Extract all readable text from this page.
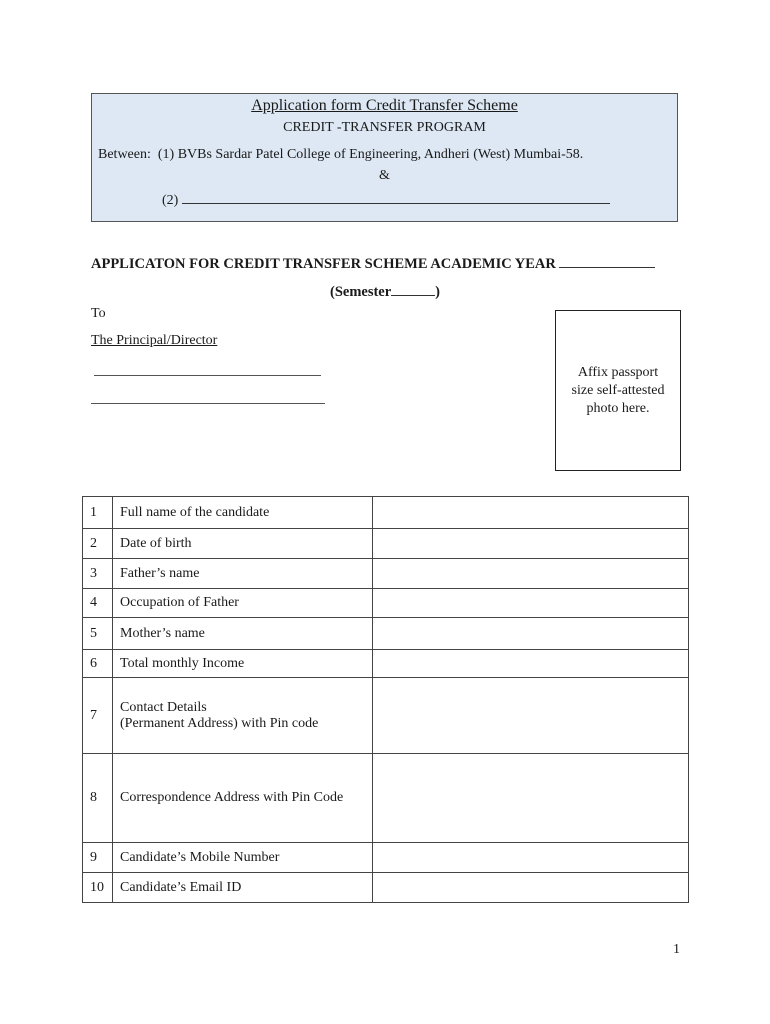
Application form Credit Transfer Scheme
CREDIT -TRANSFER PROGRAM
Between: (1) BVBs Sardar Patel College of Engineering, Andheri (West) Mumbai-58.
&
(2)
APPLICATON FOR CREDIT TRANSFER SCHEME ACADEMIC YEAR
(Semester	)
To
The Principal/Director
Affix passport
size self-attested
photo here.
1	Full name of the candidate	

2	Date of birth	

3	Father’s name	

4	Occupation of Father	

5	Mother’s name	

6	Total monthly Income	

7	Contact Details
(Permanent Address) with Pin code	

8	Correspondence Address with Pin Code	

9	Candidate’s Mobile Number	

10	Candidate’s Email ID	

1
